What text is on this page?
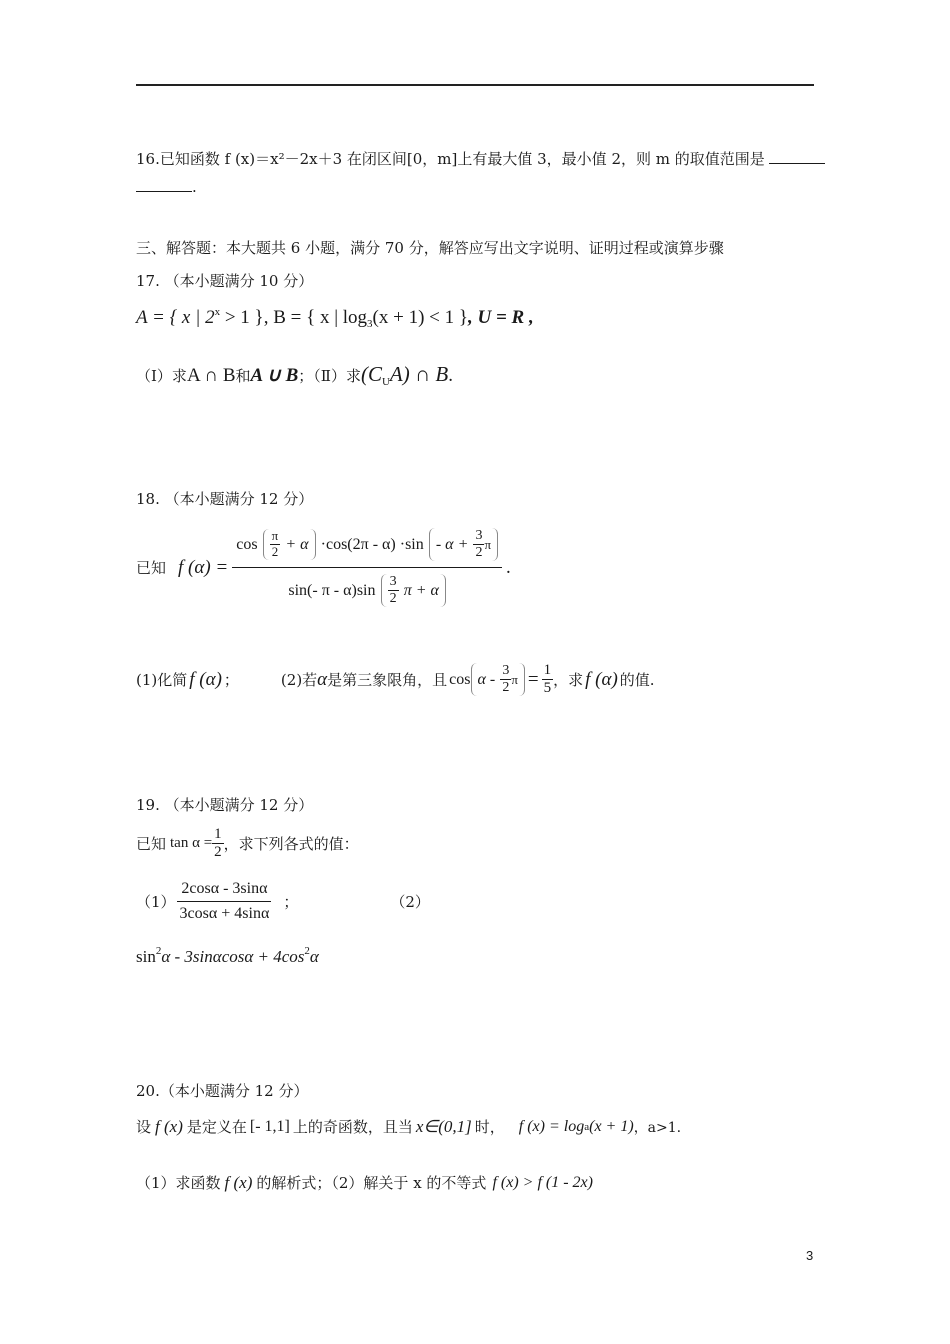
16.已知函数 f (x)＝x²－2x＋3 在闭区间[0，m]上有最大值 3，最小值 2，则 m 的取值范围是
.
三、解答题：本大题共 6 小题，满分 70 分，解答应写出文字说明、证明过程或演算步骤
17. （本小题满分 10 分）
A = { x | $2^x > 1$ }, B = { x | $\log_3(x + 1) < 1$ }, U = R ,
（Ⅰ）求A ∩ B和A ∪ B；（Ⅱ）求$(C_UA)$ ∩ B.
18. （本小题满分 12 分）
已知 f (α) =
$\cos \frac{\pi}{2} + \alpha \cdot\cos(2\pi - \alpha) \cdot\sin - \alpha + \frac{3}{2}$ π
sin(- π - $\alpha)\sin \frac{3}{2}$ π + α
.
(1)化简 f (α) ；	(2)若 α 是第三象限角，且 cos α - $\frac{3}{2}$ $\pi = \frac{1}{5}$ ，求 f (α) 的值.
19. （本小题满分 12 分）
已知 $\tan \alpha = \frac{1}{2}$ ，求下列各式的值：
$(1) \frac{2\cos\alpha - 3\sin\alpha}{3\cos\alpha + 4\sin\alpha}$ ；	（2）
$\sin^2\alpha - 3\sin\alpha\cos\alpha + 4\cos^2\alpha$
20.（本小题满分 12 分）
设 f (x) 是定义在 [- 1,1] 上的奇函数，且当 x∈(0,1] 时， f (x) = log a (x + 1) ，a>1.
（1）求函数 f (x) 的解析式；（2）解关于 x 的不等式 f (x) > f (1 - 2x)
3
